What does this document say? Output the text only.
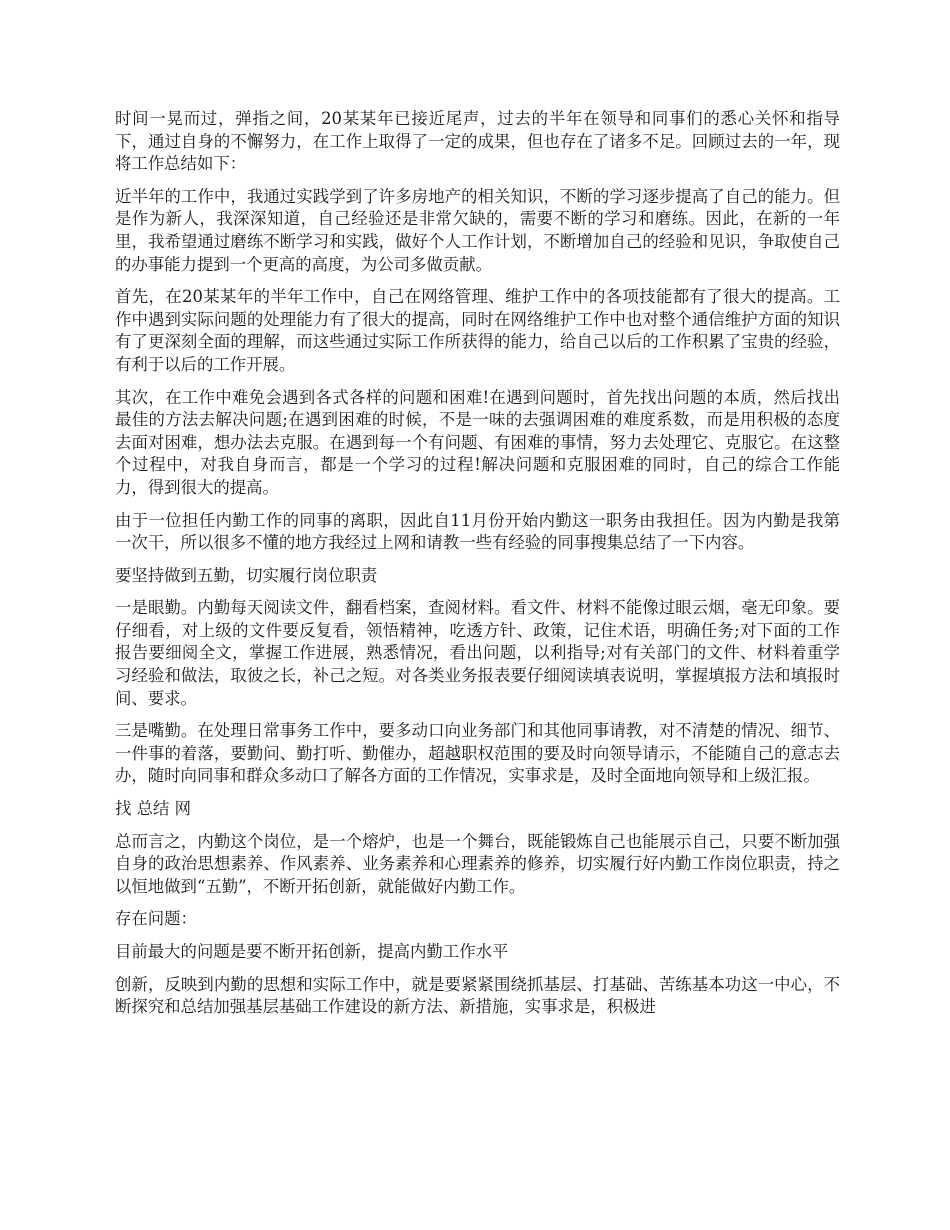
时间一晃而过，弹指之间，20某某年已接近尾声，过去的半年在领导和同事们的悉心关怀和指导下，通过自身的不懈努力，在工作上取得了一定的成果，但也存在了诸多不足。回顾过去的一年，现将工作总结如下：

近半年的工作中，我通过实践学到了许多房地产的相关知识，不断的学习逐步提高了自己的能力。但是作为新人，我深深知道，自己经验还是非常欠缺的，需要不断的学习和磨练。因此，在新的一年里，我希望通过磨练不断学习和实践，做好个人工作计划，不断增加自己的经验和见识，争取使自己的办事能力提到一个更高的高度，为公司多做贡献。

首先，在20某某年的半年工作中，自己在网络管理、维护工作中的各项技能都有了很大的提高。工作中遇到实际问题的处理能力有了很大的提高，同时在网络维护工作中也对整个通信维护方面的知识有了更深刻全面的理解，而这些通过实际工作所获得的能力，给自己以后的工作积累了宝贵的经验，有利于以后的工作开展。

其次，在工作中难免会遇到各式各样的问题和困难!在遇到问题时，首先找出问题的本质，然后找出最佳的方法去解决问题;在遇到困难的时候，不是一味的去强调困难的难度系数，而是用积极的态度去面对困难，想办法去克服。在遇到每一个有问题、有困难的事情，努力去处理它、克服它。在这整个过程中，对我自身而言，都是一个学习的过程!解决问题和克服困难的同时，自己的综合工作能力，得到很大的提高。

由于一位担任内勤工作的同事的离职，因此自11月份开始内勤这一职务由我担任。因为内勤是我第一次干，所以很多不懂的地方我经过上网和请教一些有经验的同事搜集总结了一下内容。

要坚持做到五勤，切实履行岗位职责

一是眼勤。内勤每天阅读文件，翻看档案，查阅材料。看文件、材料不能像过眼云烟，毫无印象。要仔细看，对上级的文件要反复看，领悟精神，吃透方针、政策，记住术语，明确任务;对下面的工作报告要细阅全文，掌握工作进展，熟悉情况，看出问题，以利指导;对有关部门的文件、材料着重学习经验和做法，取彼之长，补己之短。对各类业务报表要仔细阅读填表说明，掌握填报方法和填报时间、要求。

三是嘴勤。在处理日常事务工作中，要多动口向业务部门和其他同事请教，对不清楚的情况、细节、一件事的着落，要勤问、勤打听、勤催办，超越职权范围的要及时向领导请示，不能随自己的意志去办，随时向同事和群众多动口了解各方面的工作情况，实事求是，及时全面地向领导和上级汇报。

找 总结 网

总而言之，内勤这个岗位，是一个熔炉，也是一个舞台，既能锻炼自己也能展示自己，只要不断加强自身的政治思想素养、作风素养、业务素养和心理素养的修养，切实履行好内勤工作岗位职责，持之以恒地做到“五勤”，不断开拓创新，就能做好内勤工作。

存在问题：

目前最大的问题是要不断开拓创新，提高内勤工作水平

创新，反映到内勤的思想和实际工作中，就是要紧紧围绕抓基层、打基础、苦练基本功这一中心，不断探究和总结加强基层基础工作建设的新方法、新措施，实事求是，积极进
